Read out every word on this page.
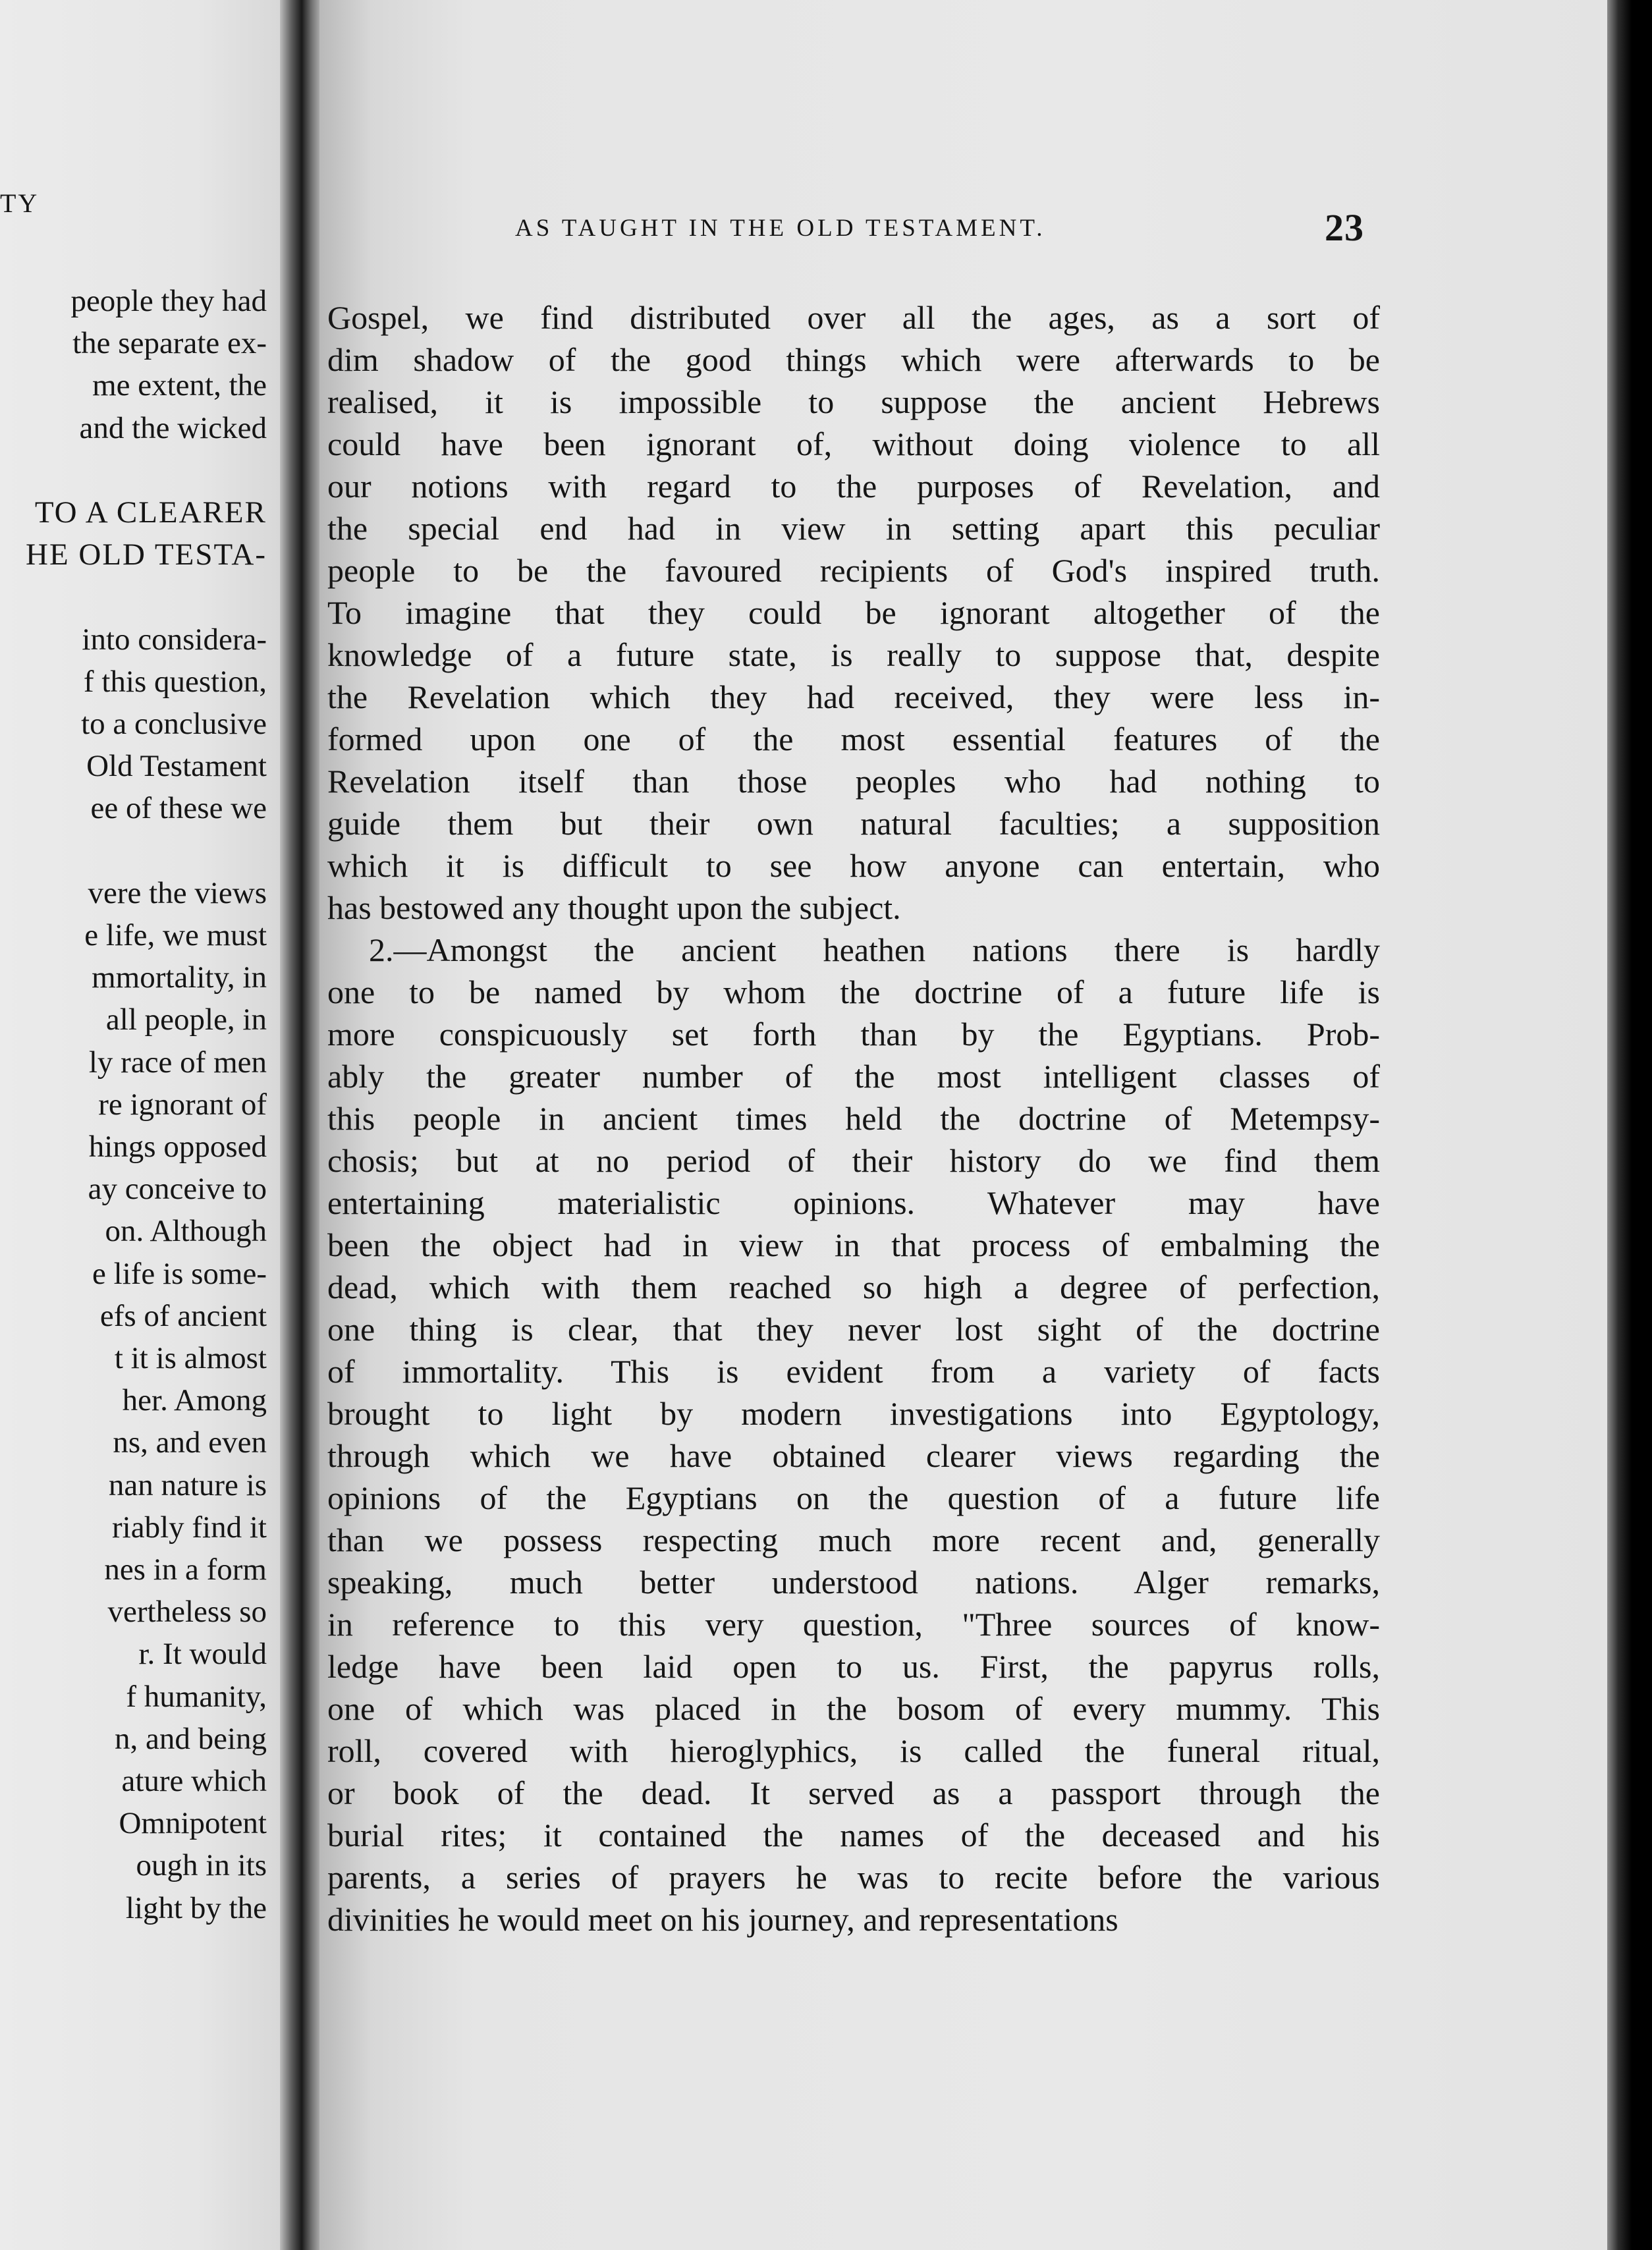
TY
people they had
the separate ex-
me extent, the
and the wicked
TO A CLEARER
HE OLD TESTA-
into considera-
f this question,
to a conclusive
Old Testament
ee of these we
vere the views
e life, we must
mmortality, in
all people, in
ly race of men
re ignorant of
hings opposed
ay conceive to
on. Although
e life is some-
efs of ancient
t it is almost
her. Among
ns, and even
nan nature is
riably find it
nes in a form
vertheless so
r. It would
f humanity,
n, and being
ature which
Omnipotent
ough in its
light by the
AS TAUGHT IN THE OLD TESTAMENT.	23
Gospel, we find distributed over all the ages, as a sort of
dim shadow of the good things which were afterwards to be
realised, it is impossible to suppose the ancient Hebrews
could have been ignorant of, without doing violence to all
our notions with regard to the purposes of Revelation, and
the special end had in view in setting apart this peculiar
people to be the favoured recipients of God's inspired truth.
To imagine that they could be ignorant altogether of the
knowledge of a future state, is really to suppose that, despite
the Revelation which they had received, they were less in-
formed upon one of the most essential features of the
Revelation itself than those peoples who had nothing to
guide them but their own natural faculties; a supposition
which it is difficult to see how anyone can entertain, who
has bestowed any thought upon the subject.
2.—Amongst the ancient heathen nations there is hardly
one to be named by whom the doctrine of a future life is
more conspicuously set forth than by the Egyptians. Prob-
ably the greater number of the most intelligent classes of
this people in ancient times held the doctrine of Metempsy-
chosis; but at no period of their history do we find them
entertaining materialistic opinions. Whatever may have
been the object had in view in that process of embalming the
dead, which with them reached so high a degree of perfection,
one thing is clear, that they never lost sight of the doctrine
of immortality. This is evident from a variety of facts
brought to light by modern investigations into Egyptology,
through which we have obtained clearer views regarding the
opinions of the Egyptians on the question of a future life
than we possess respecting much more recent and, generally
speaking, much better understood nations. Alger remarks,
in reference to this very question, "Three sources of know-
ledge have been laid open to us. First, the papyrus rolls,
one of which was placed in the bosom of every mummy. This
roll, covered with hieroglyphics, is called the funeral ritual,
or book of the dead. It served as a passport through the
burial rites; it contained the names of the deceased and his
parents, a series of prayers he was to recite before the various
divinities he would meet on his journey, and representations
